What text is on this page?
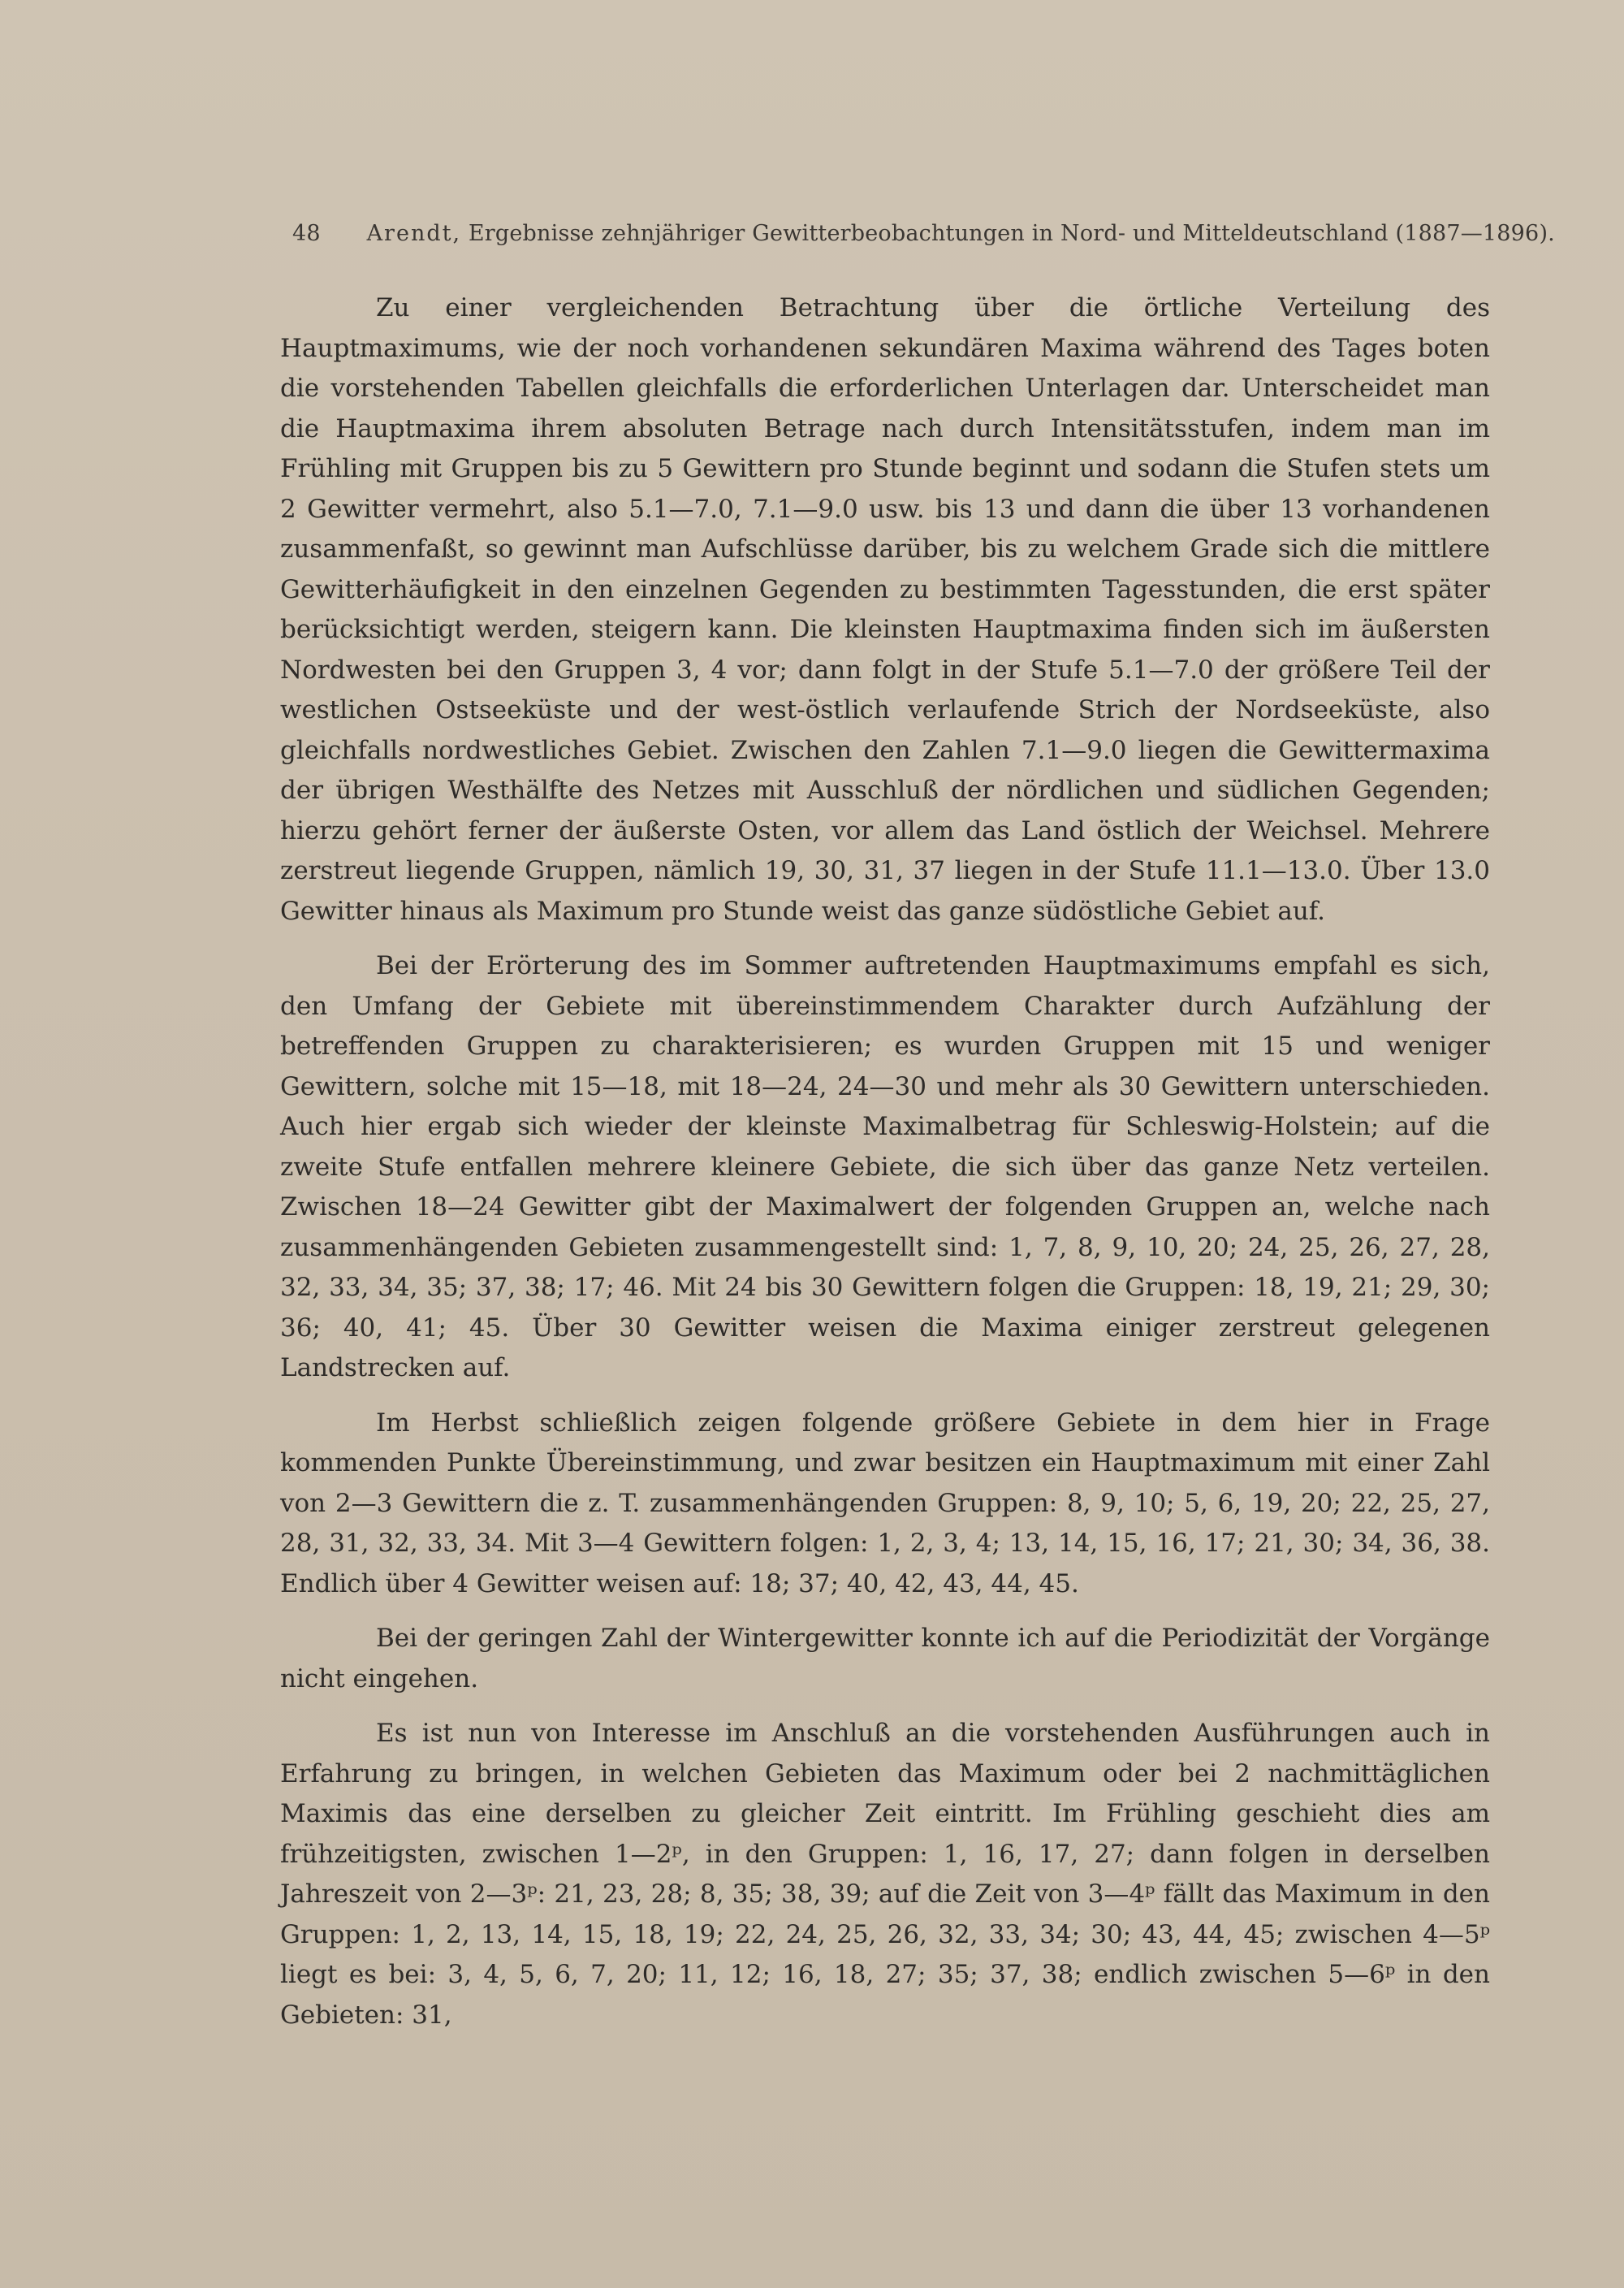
48 Arendt, Ergebnisse zehnjähriger Gewitterbeobachtungen in Nord- und Mitteldeutschland (1887—1896).

Zu einer vergleichenden Betrachtung über die örtliche Verteilung des Hauptmaximums, wie der noch vorhandenen sekundären Maxima während des Tages boten die vorstehenden Tabellen gleichfalls die erforderlichen Unterlagen dar. Unterscheidet man die Hauptmaxima ihrem absoluten Betrage nach durch Intensitätsstufen, indem man im Frühling mit Gruppen bis zu 5 Gewittern pro Stunde beginnt und sodann die Stufen stets um 2 Gewitter vermehrt, also 5.1—7.0, 7.1—9.0 usw. bis 13 und dann die über 13 vorhandenen zusammenfaßt, so gewinnt man Aufschlüsse darüber, bis zu welchem Grade sich die mittlere Gewitterhäufigkeit in den einzelnen Gegenden zu bestimmten Tagesstunden, die erst später berücksichtigt werden, steigern kann. Die kleinsten Hauptmaxima finden sich im äußersten Nordwesten bei den Gruppen 3, 4 vor; dann folgt in der Stufe 5.1—7.0 der größere Teil der westlichen Ostseeküste und der west-östlich verlaufende Strich der Nordseeküste, also gleichfalls nordwestliches Gebiet. Zwischen den Zahlen 7.1—9.0 liegen die Gewittermaxima der übrigen Westhälfte des Netzes mit Ausschluß der nördlichen und südlichen Gegenden; hierzu gehört ferner der äußerste Osten, vor allem das Land östlich der Weichsel. Mehrere zerstreut liegende Gruppen, nämlich 19, 30, 31, 37 liegen in der Stufe 11.1—13.0. Über 13.0 Gewitter hinaus als Maximum pro Stunde weist das ganze südöstliche Gebiet auf.

Bei der Erörterung des im Sommer auftretenden Hauptmaximums empfahl es sich, den Umfang der Gebiete mit übereinstimmendem Charakter durch Aufzählung der betreffenden Gruppen zu charakterisieren; es wurden Gruppen mit 15 und weniger Gewittern, solche mit 15—18, mit 18—24, 24—30 und mehr als 30 Gewittern unterschieden. Auch hier ergab sich wieder der kleinste Maximalbetrag für Schleswig-Holstein; auf die zweite Stufe entfallen mehrere kleinere Gebiete, die sich über das ganze Netz verteilen. Zwischen 18—24 Gewitter gibt der Maximalwert der folgenden Gruppen an, welche nach zusammenhängenden Gebieten zusammengestellt sind: 1, 7, 8, 9, 10, 20; 24, 25, 26, 27, 28, 32, 33, 34, 35; 37, 38; 17; 46. Mit 24 bis 30 Gewittern folgen die Gruppen: 18, 19, 21; 29, 30; 36; 40, 41; 45. Über 30 Gewitter weisen die Maxima einiger zerstreut gelegenen Landstrecken auf.

Im Herbst schließlich zeigen folgende größere Gebiete in dem hier in Frage kommenden Punkte Übereinstimmung, und zwar besitzen ein Hauptmaximum mit einer Zahl von 2—3 Gewittern die z. T. zusammenhängenden Gruppen: 8, 9, 10; 5, 6, 19, 20; 22, 25, 27, 28, 31, 32, 33, 34. Mit 3—4 Gewittern folgen: 1, 2, 3, 4; 13, 14, 15, 16, 17; 21, 30; 34, 36, 38. Endlich über 4 Gewitter weisen auf: 18; 37; 40, 42, 43, 44, 45.

Bei der geringen Zahl der Wintergewitter konnte ich auf die Periodizität der Vorgänge nicht eingehen.

Es ist nun von Interesse im Anschluß an die vorstehenden Ausführungen auch in Erfahrung zu bringen, in welchen Gebieten das Maximum oder bei 2 nachmittäglichen Maximis das eine derselben zu gleicher Zeit eintritt. Im Frühling geschieht dies am frühzeitigsten, zwischen 1—2ᵖ, in den Gruppen: 1, 16, 17, 27; dann folgen in derselben Jahreszeit von 2—3ᵖ: 21, 23, 28; 8, 35; 38, 39; auf die Zeit von 3—4ᵖ fällt das Maximum in den Gruppen: 1, 2, 13, 14, 15, 18, 19; 22, 24, 25, 26, 32, 33, 34; 30; 43, 44, 45; zwischen 4—5ᵖ liegt es bei: 3, 4, 5, 6, 7, 20; 11, 12; 16, 18, 27; 35; 37, 38; endlich zwischen 5—6ᵖ in den Gebieten: 31,
